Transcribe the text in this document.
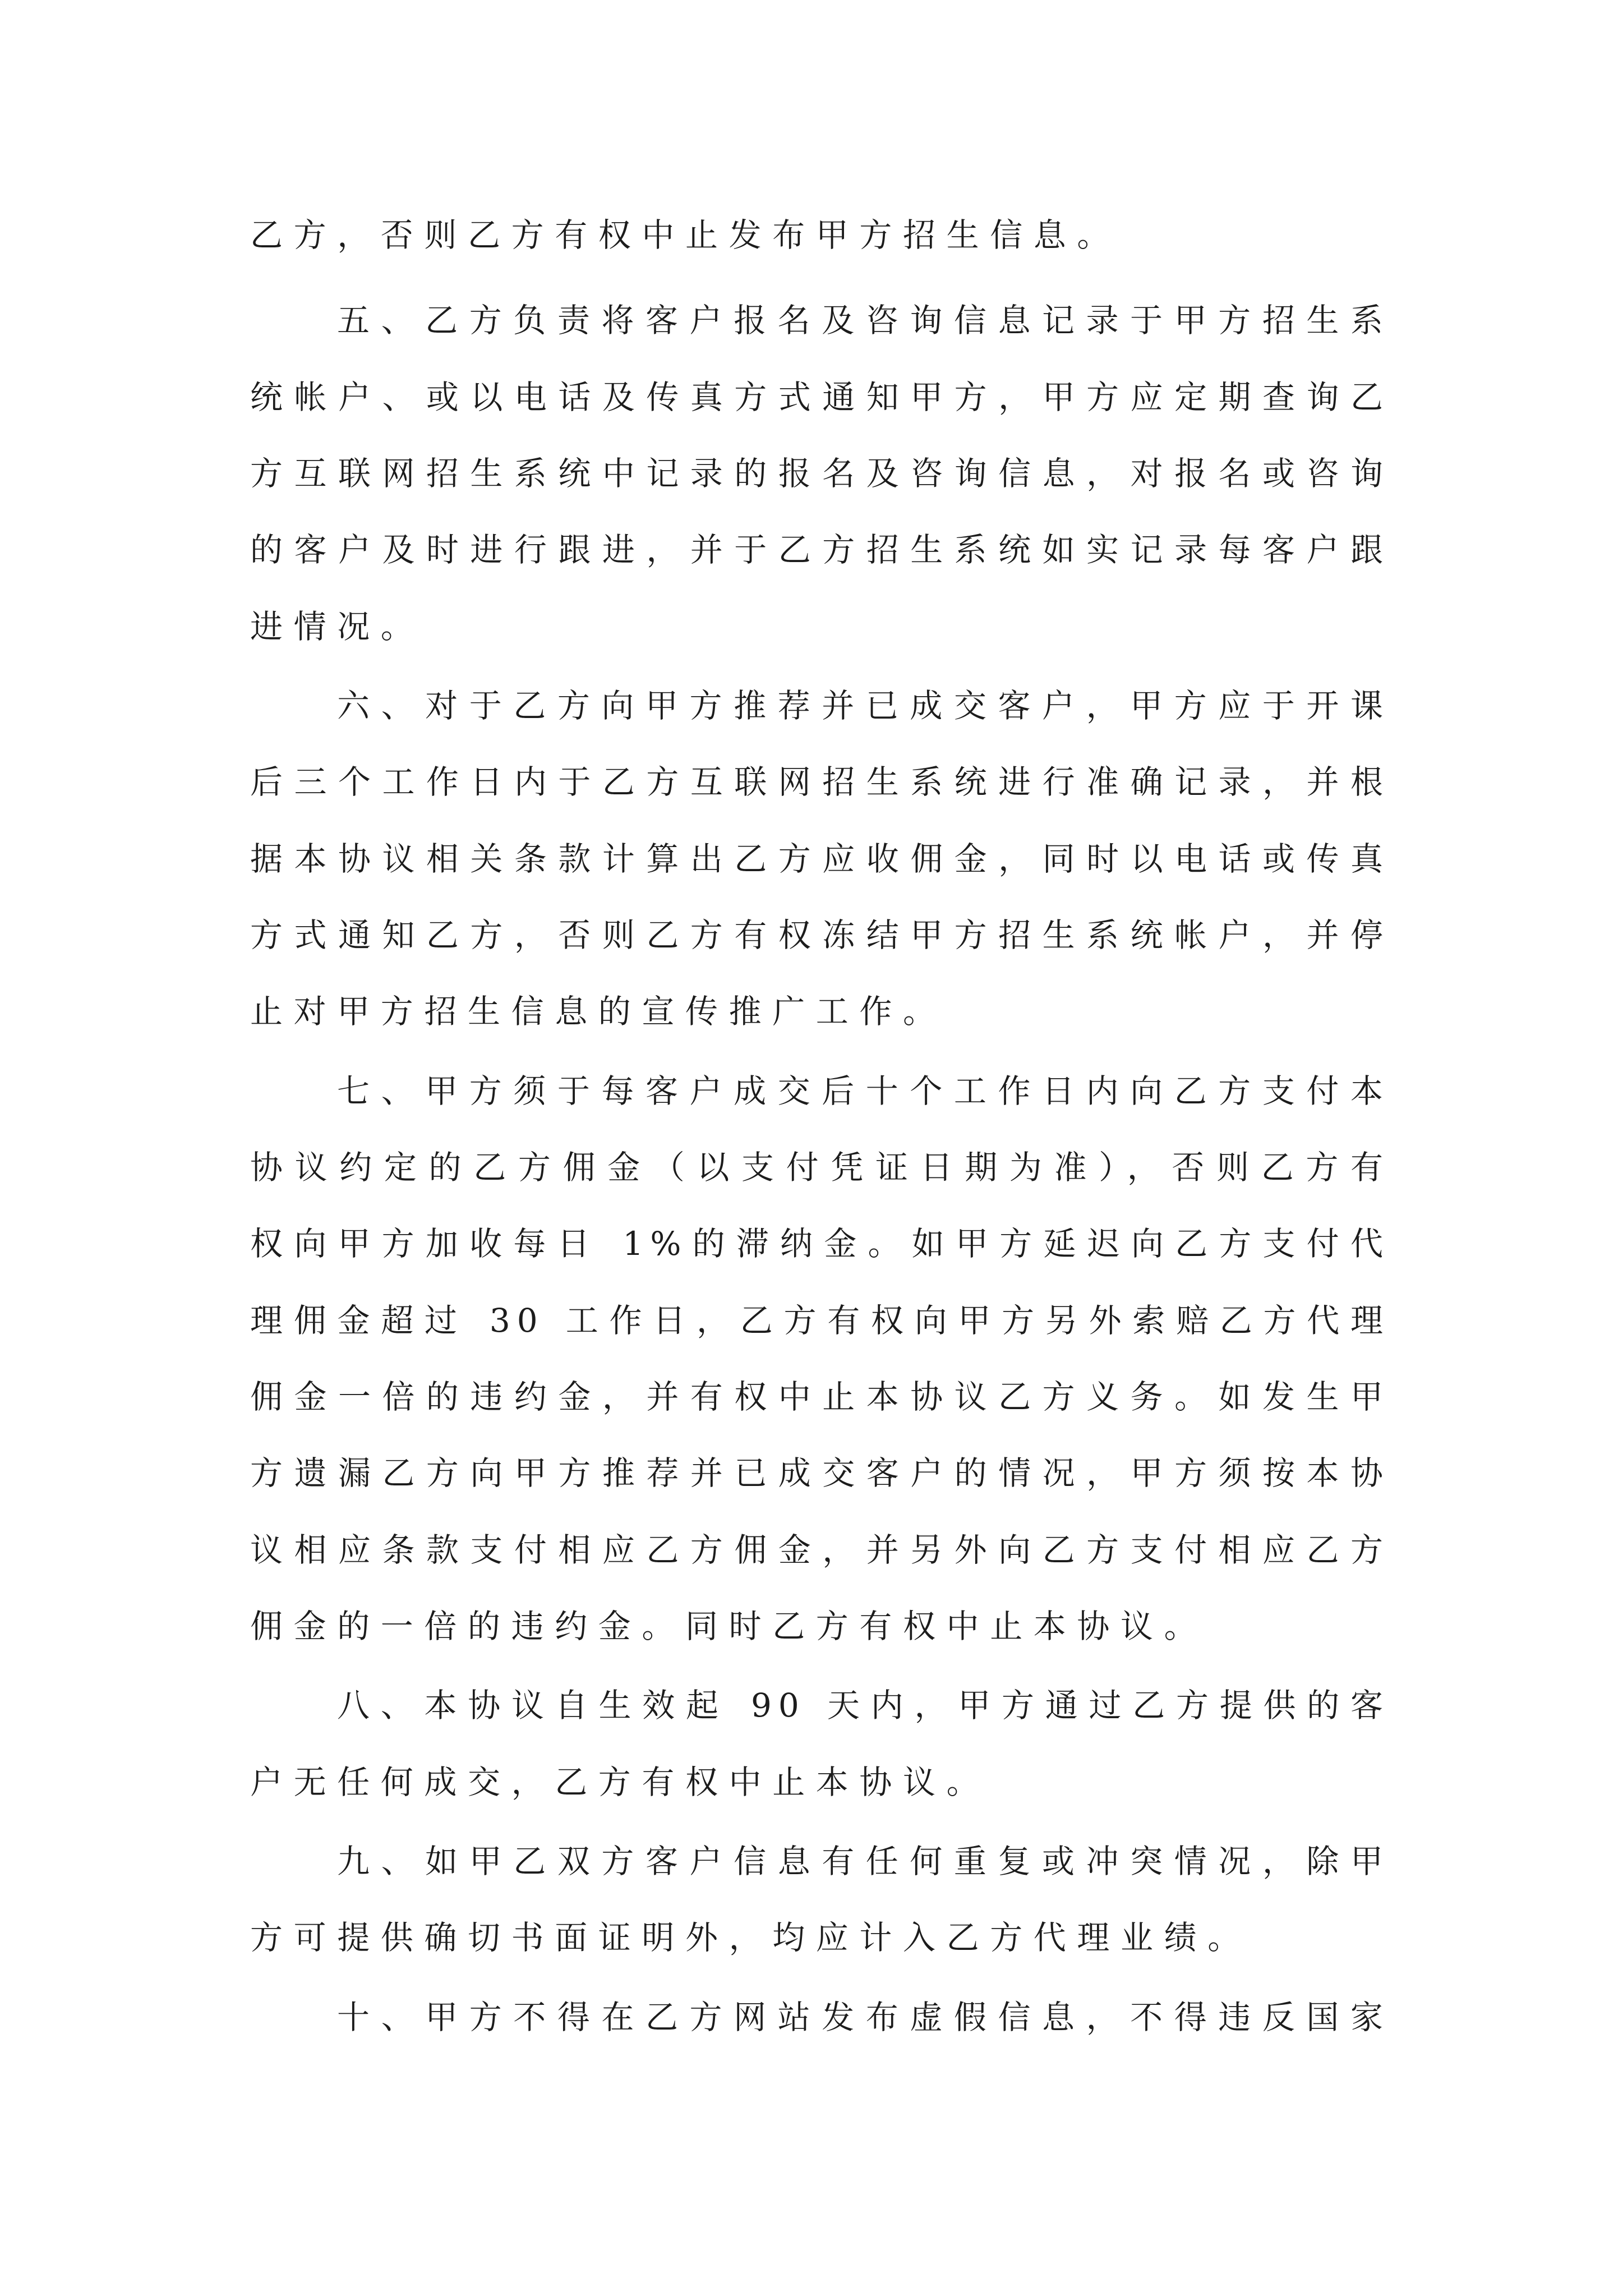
乙方，否则乙方有权中止发布甲方招生信息。
五、乙方负责将客户报名及咨询信息记录于甲方招生系
统帐户、或以电话及传真方式通知甲方，甲方应定期查询乙
方互联网招生系统中记录的报名及咨询信息，对报名或咨询
的客户及时进行跟进，并于乙方招生系统如实记录每客户跟
进情况。
六、对于乙方向甲方推荐并已成交客户，甲方应于开课
后三个工作日内于乙方互联网招生系统进行准确记录，并根
据本协议相关条款计算出乙方应收佣金，同时以电话或传真
方式通知乙方，否则乙方有权冻结甲方招生系统帐户，并停
止对甲方招生信息的宣传推广工作。
七、甲方须于每客户成交后十个工作日内向乙方支付本
协议约定的乙方佣金（以支付凭证日期为准），否则乙方有
权向甲方加收每日 1%的滞纳金。如甲方延迟向乙方支付代
理佣金超过 30 工作日，乙方有权向甲方另外索赔乙方代理
佣金一倍的违约金，并有权中止本协议乙方义务。如发生甲
方遗漏乙方向甲方推荐并已成交客户的情况，甲方须按本协
议相应条款支付相应乙方佣金，并另外向乙方支付相应乙方
佣金的一倍的违约金。同时乙方有权中止本协议。
八、本协议自生效起 90 天内，甲方通过乙方提供的客
户无任何成交，乙方有权中止本协议。
九、如甲乙双方客户信息有任何重复或冲突情况，除甲
方可提供确切书面证明外，均应计入乙方代理业绩。
十、甲方不得在乙方网站发布虚假信息，不得违反国家
